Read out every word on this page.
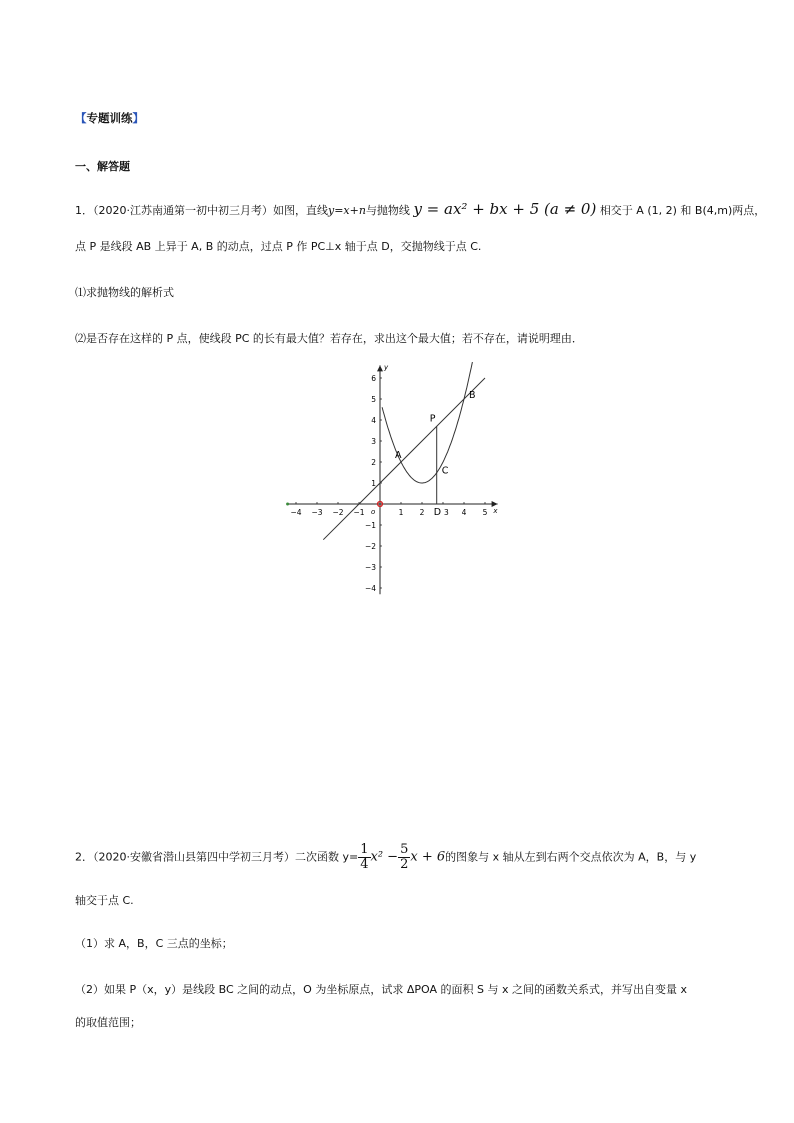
【专题训练】
一、解答题
1．（2020·江苏南通第一初中初三月考）如图，直线y=x+n与抛物线 y = ax² + bx + 5 (a ≠ 0) 相交于 A (1, 2) 和 B(4,m)两点，
点 P 是线段 AB 上异于 A, B 的动点，过点 P 作 PC⊥x 轴于点 D，交抛物线于点 C.
⑴求抛物线的解析式
⑵是否存在这样的 P 点，使线段 PC 的长有最大值？若存在，求出这个最大值；若不存在，请说明理由．
x
y
−4 −3 −2 −1	1 2	4 5
−4
−3
−2
−1
1
2
3
4
5
6
o
A
B
P
C
D 3
2．（2020·安徽省潜山县第四中学初三月考）二次函数 $y= \frac{1}{4} x^2 - \frac{5}{2}$ x + 6的图象与 x 轴从左到右两个交点依次为 A，B，与 y
轴交于点 C.
（1）求 A，B，C 三点的坐标；
（2）如果 P（x，y）是线段 BC 之间的动点，O 为坐标原点，试求 ΔPOA 的面积 S 与 x 之间的函数关系式，并写出自变量 x
的取值范围；
